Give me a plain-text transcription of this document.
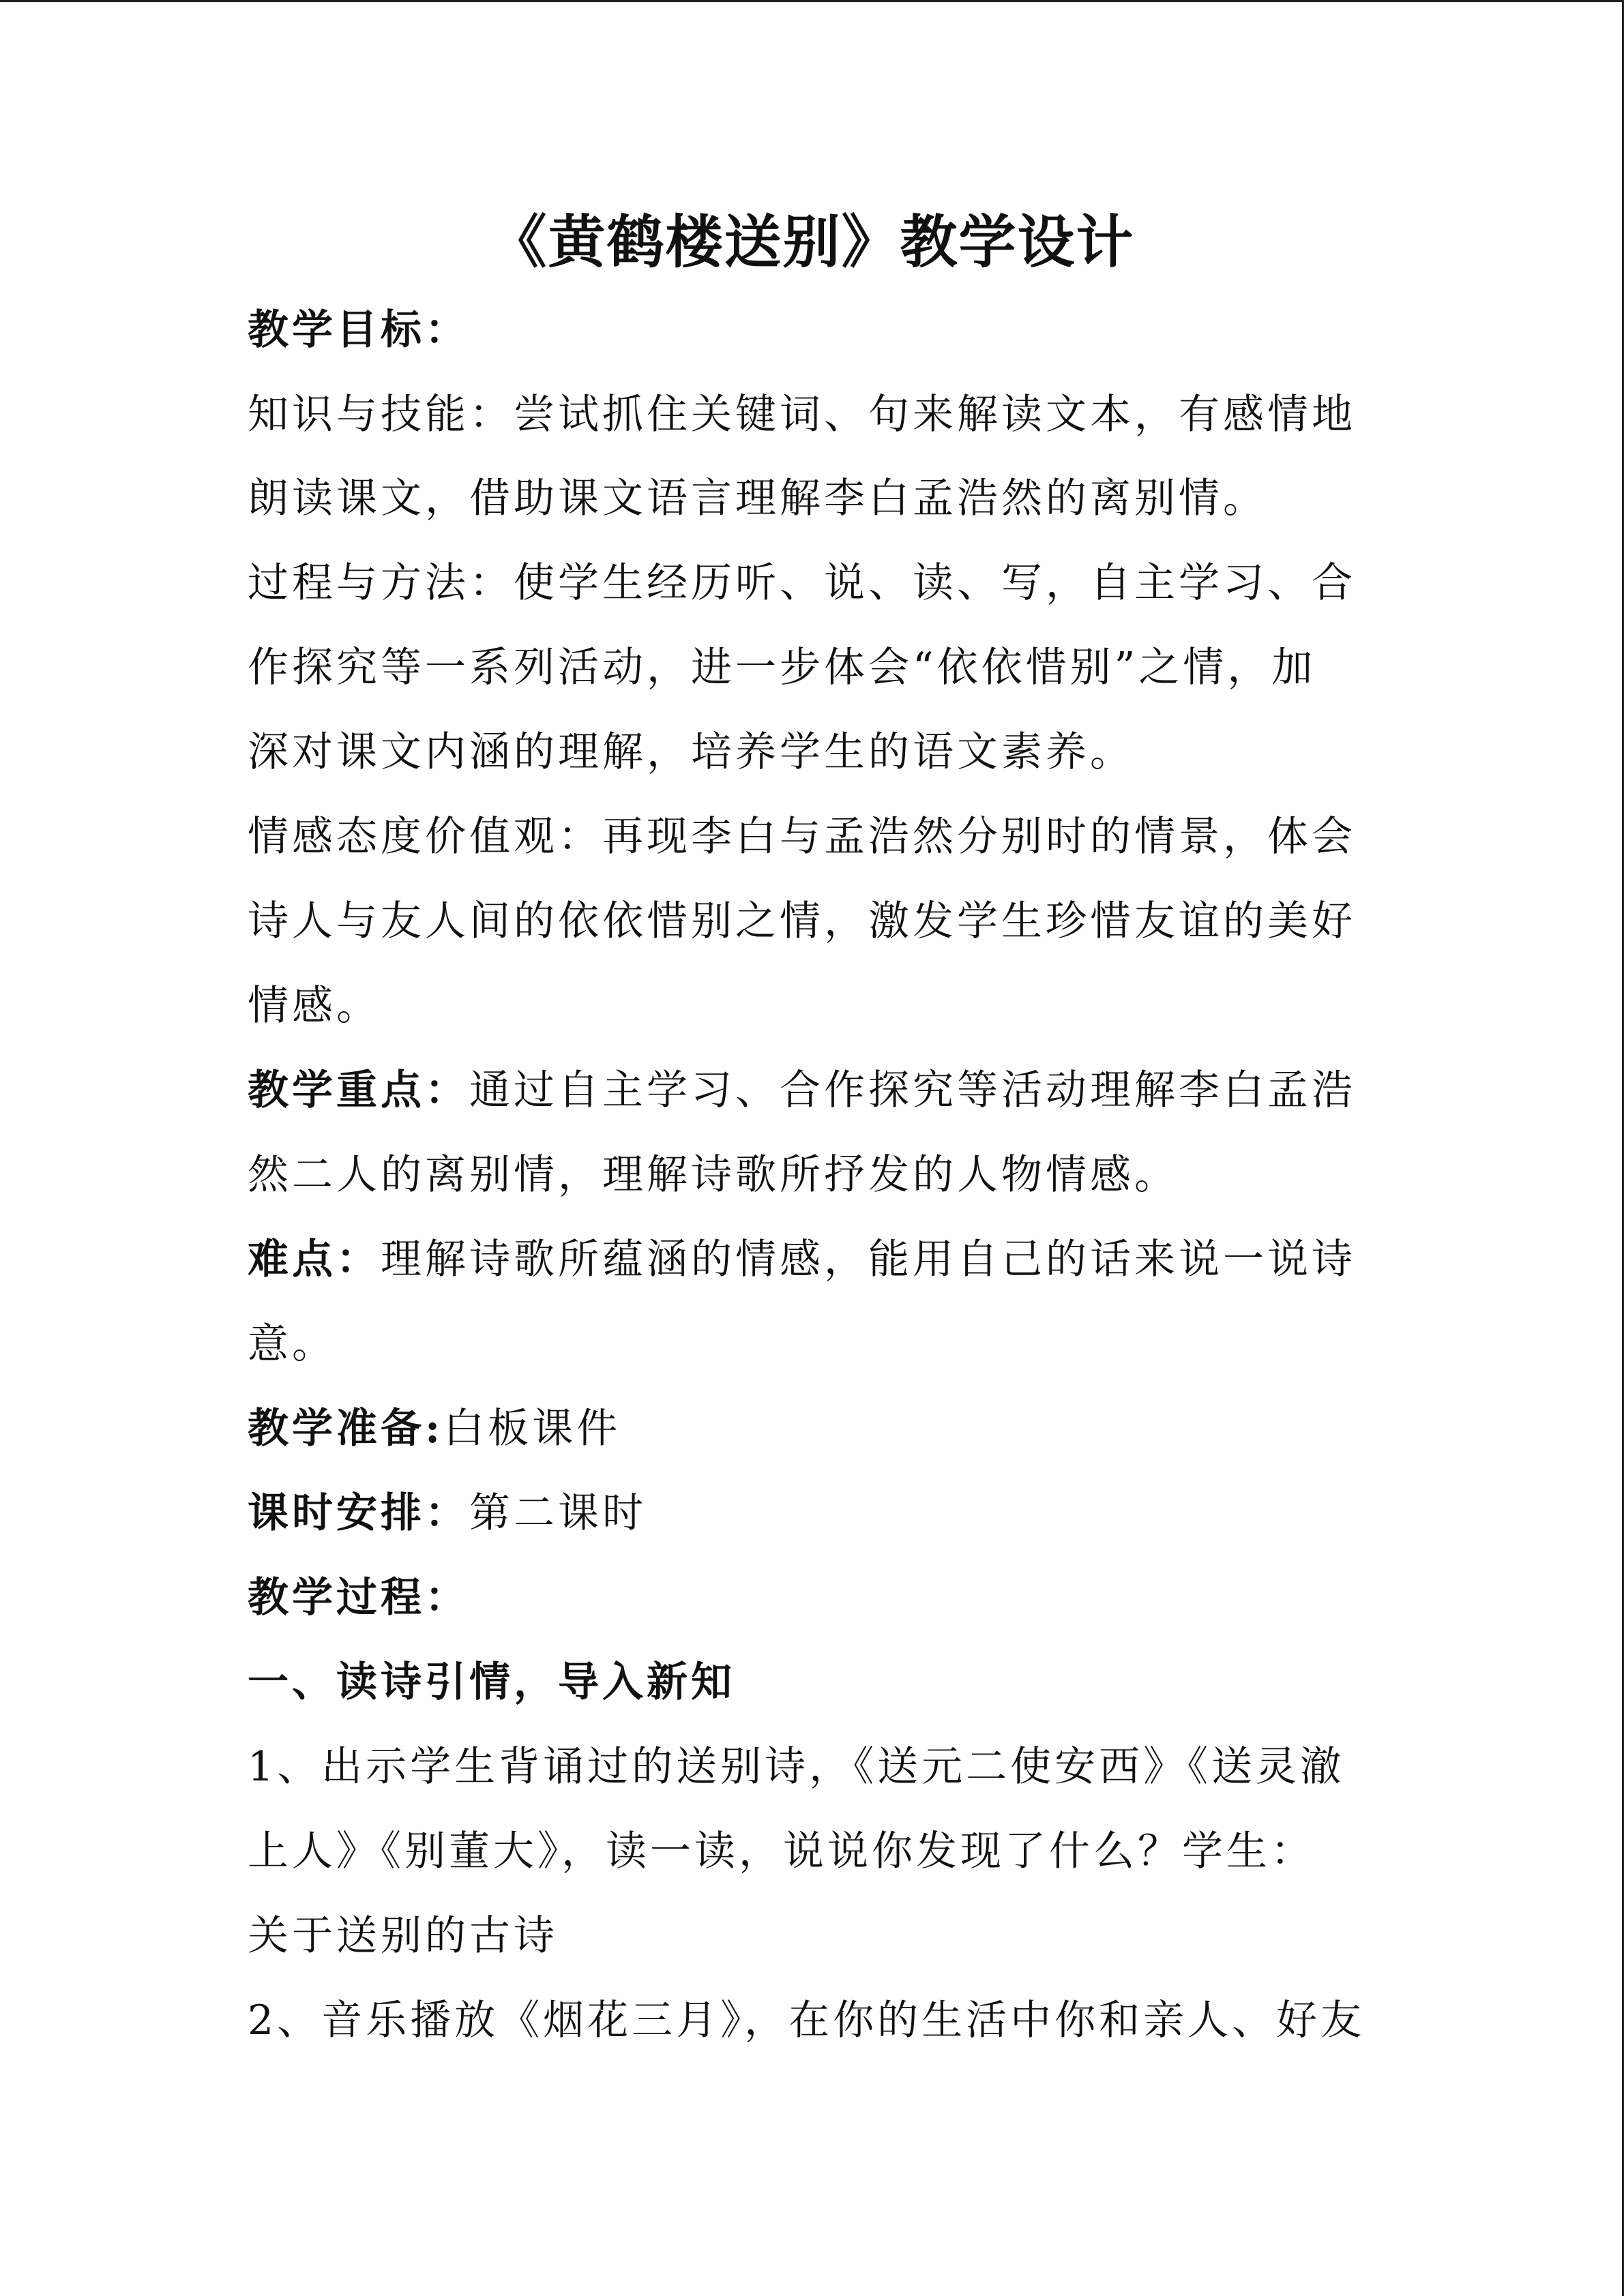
《黄鹤楼送别》教学设计
教学目标：
知识与技能：尝试抓住关键词、句来解读文本，有感情地
朗读课文，借助课文语言理解李白孟浩然的离别情。
过程与方法：使学生经历听、说、读、写，自主学习、合
作探究等一系列活动，进一步体会“依依惜别”之情，加
深对课文内涵的理解，培养学生的语文素养。
情感态度价值观：再现李白与孟浩然分别时的情景，体会
诗人与友人间的依依惜别之情，激发学生珍惜友谊的美好
情感。
教学重点：通过自主学习、合作探究等活动理解李白孟浩
然二人的离别情，理解诗歌所抒发的人物情感。
难点：理解诗歌所蕴涵的情感，能用自己的话来说一说诗
意。
教学准备:白板课件
课时安排：第二课时
教学过程：
一、读诗引情，导入新知
1、出示学生背诵过的送别诗，《送元二使安西》《送灵澈
上人》《别董大》，读一读，说说你发现了什么？学生：
关于送别的古诗
2、音乐播放《烟花三月》，在你的生活中你和亲人、好友
